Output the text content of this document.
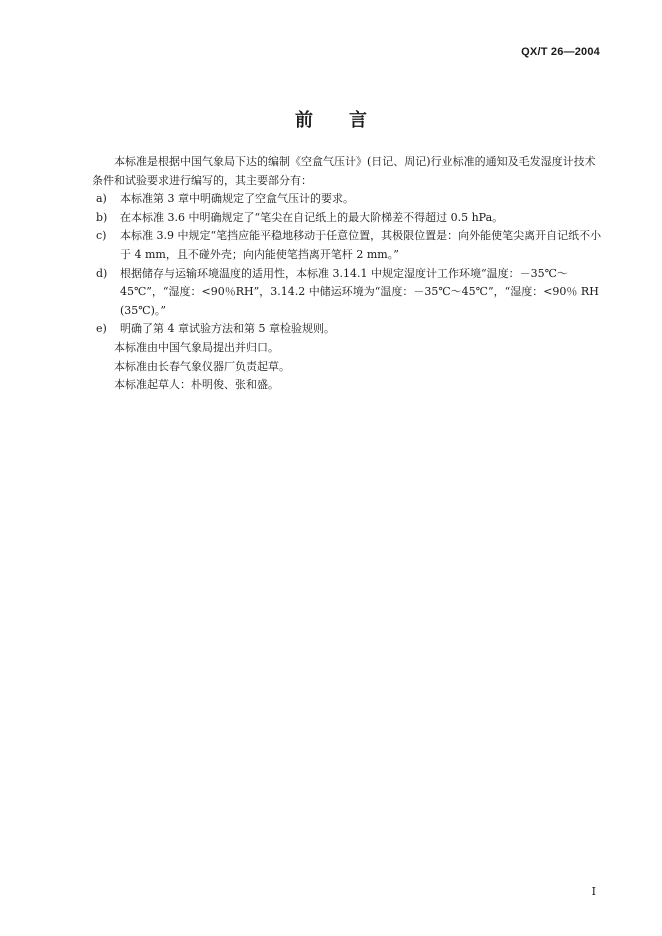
QX/T 26—2004
前 言

本标准是根据中国气象局下达的编制《空盒气压计》(日记、周记)行业标准的通知及毛发湿度计技术条件和试验要求进行编写的，其主要部分有：

a) 本标准第 3 章中明确规定了空盒气压计的要求。

b) 在本标准 3.6 中明确规定了“笔尖在自记纸上的最大阶梯差不得超过 0.5 hPa。

c) 本标准 3.9 中规定“笔挡应能平稳地移动于任意位置，其极限位置是：向外能使笔尖离开自记纸不小于 4 mm，且不碰外壳；向内能使笔挡离开笔杆 2 mm。”

d) 根据储存与运输环境温度的适用性，本标准 3.14.1 中规定湿度计工作环境“温度：－35℃～45℃”，“湿度：<90％RH”，3.14.2 中储运环境为“温度：－35℃～45℃”，“湿度：<90％ RH (35℃)。”

e) 明确了第 4 章试验方法和第 5 章检验规则。

本标准由中国气象局提出并归口。

本标准由长春气象仪器厂负责起草。

本标准起草人：朴明俊、张和盛。

I
